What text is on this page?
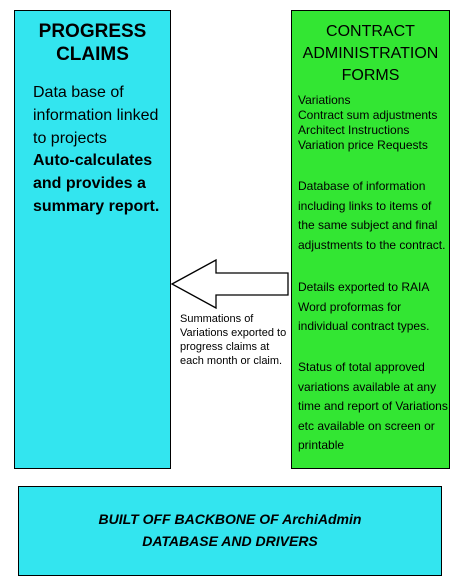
PROGRESS
CLAIMS
Data base of information linked to projects
Auto-calculates and provides a summary report.
CONTRACT
ADMINISTRATION
FORMS
Variations
Contract sum adjustments
Architect Instructions
Variation price Requests
Database of information including links to items of the same subject and final adjustments to the contract.
Details exported to RAIA Word proformas for individual contract types.
Status of total approved variations available at any time and report of Variations etc available on screen or printable
Summations of Variations exported to progress claims at each month or claim.
BUILT OFF BACKBONE OF ArchiAdmin
DATABASE AND DRIVERS
